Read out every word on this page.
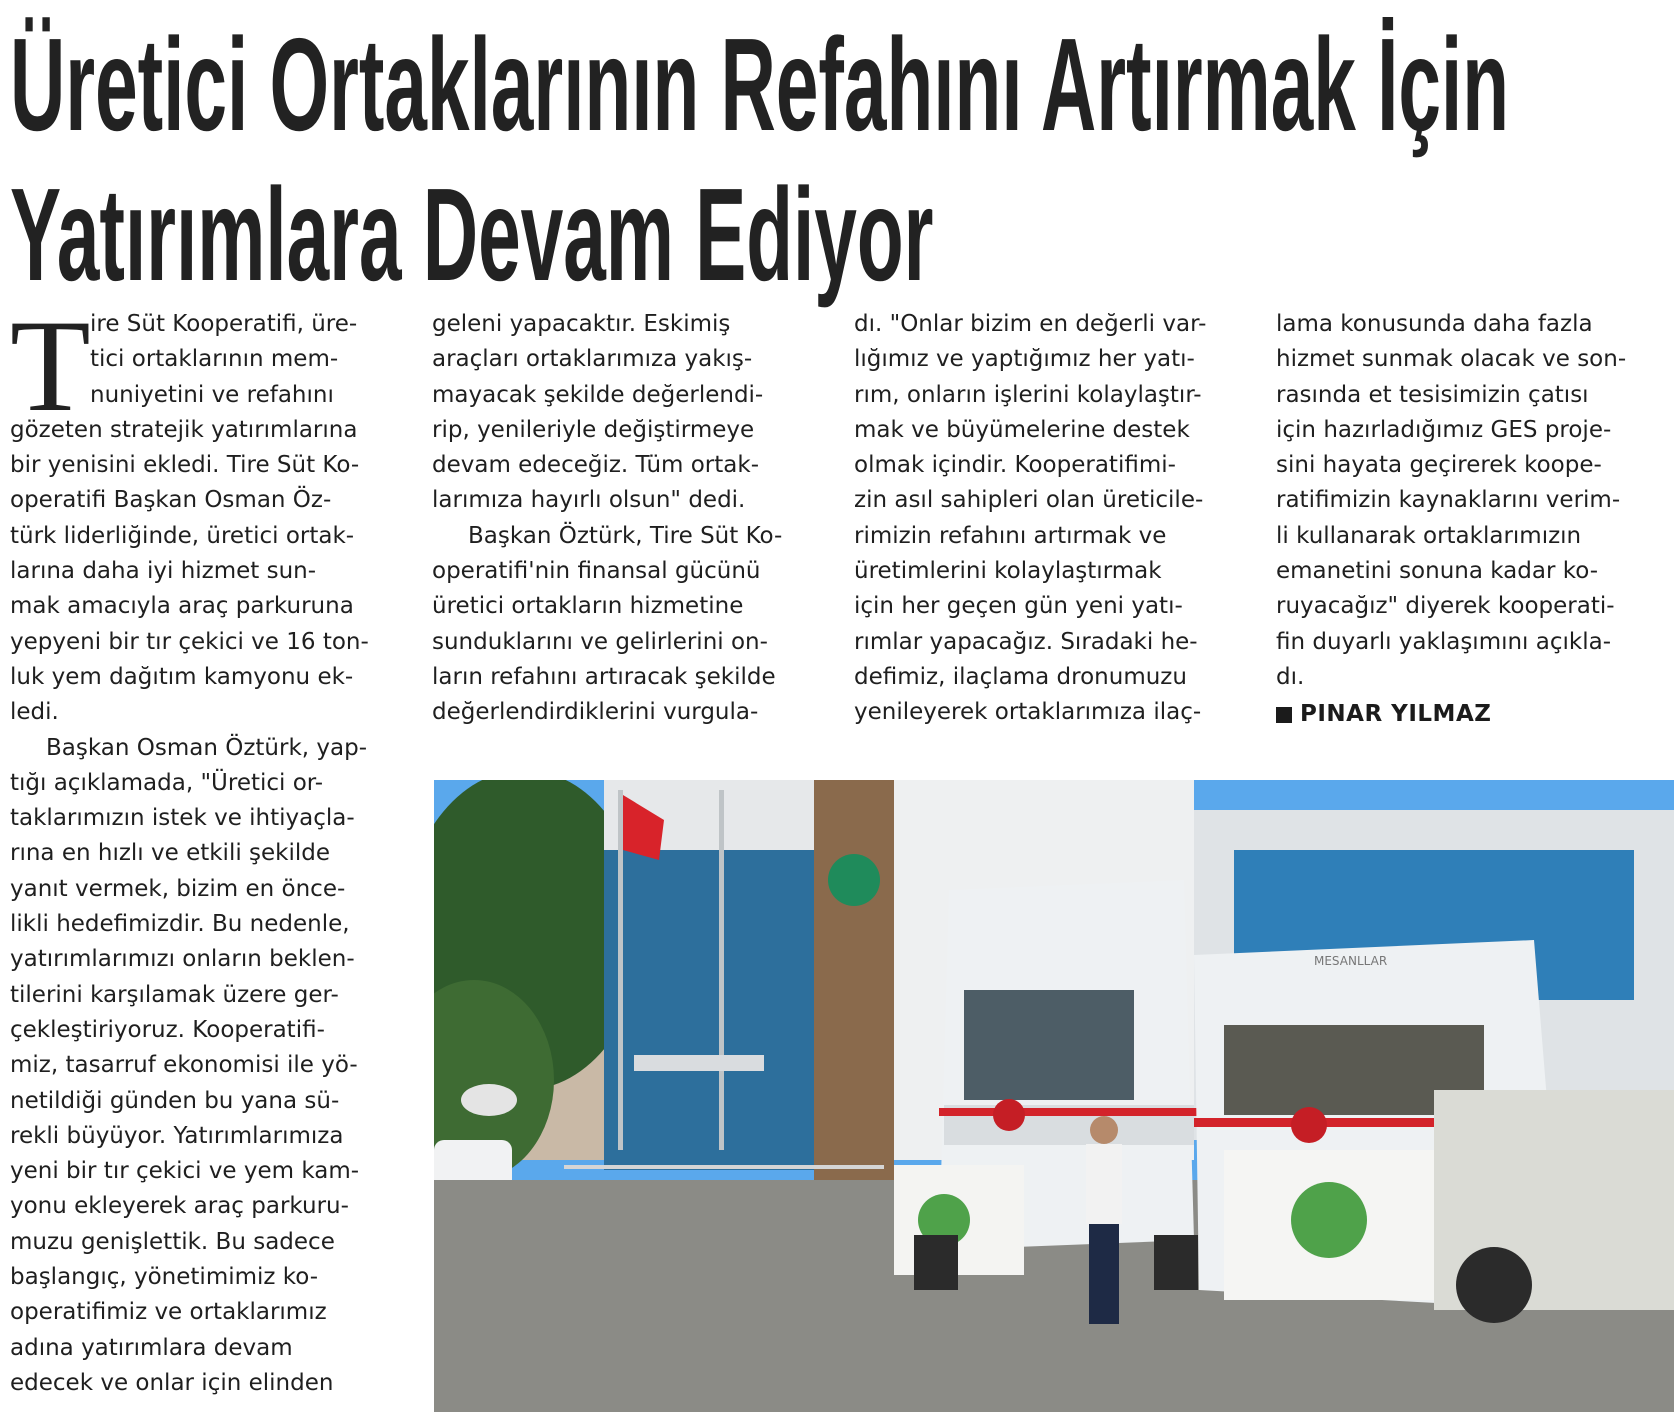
Üretici Ortaklarının Refahını Artırmak İçin
Yatırımlara Devam Ediyor
T ire Süt Kooperatifi, üre-
tici ortaklarının mem-
nuniyetini ve refahını
gözeten stratejik yatırımlarına
bir yenisini ekledi. Tire Süt Ko-
operatifi Başkan Osman Öz-
türk liderliğinde, üretici ortak-
larına daha iyi hizmet sun-
mak amacıyla araç parkuruna
yepyeni bir tır çekici ve 16 ton-
luk yem dağıtım kamyonu ek-
ledi.
Başkan Osman Öztürk, yap-
tığı açıklamada, "Üretici or-
taklarımızın istek ve ihtiyaçla-
rına en hızlı ve etkili şekilde
yanıt vermek, bizim en önce-
likli hedefimizdir. Bu nedenle,
yatırımlarımızı onların beklen-
tilerini karşılamak üzere ger-
çekleştiriyoruz. Kooperatifi-
miz, tasarruf ekonomisi ile yö-
netildiği günden bu yana sü-
rekli büyüyor. Yatırımlarımıza
yeni bir tır çekici ve yem kam-
yonu ekleyerek araç parkuru-
muzu genişlettik. Bu sadece
başlangıç, yönetimimiz ko-
operatifimiz ve ortaklarımız
adına yatırımlara devam
edecek ve onlar için elinden
geleni yapacaktır. Eskimiş
araçları ortaklarımıza yakış-
mayacak şekilde değerlendi-
rip, yenileriyle değiştirmeye
devam edeceğiz. Tüm ortak-
larımıza hayırlı olsun" dedi.
Başkan Öztürk, Tire Süt Ko-
operatifi'nin finansal gücünü
üretici ortakların hizmetine
sunduklarını ve gelirlerini on-
ların refahını artıracak şekilde
değerlendirdiklerini vurgula-
dı. "Onlar bizim en değerli var-
lığımız ve yaptığımız her yatı-
rım, onların işlerini kolaylaştır-
mak ve büyümelerine destek
olmak içindir. Kooperatifimi-
zin asıl sahipleri olan üreticile-
rimizin refahını artırmak ve
üretimlerini kolaylaştırmak
için her geçen gün yeni yatı-
rımlar yapacağız. Sıradaki he-
defimiz, ilaçlama dronumuzu
yenileyerek ortaklarımıza ilaç-
lama konusunda daha fazla
hizmet sunmak olacak ve son-
rasında et tesisimizin çatısı
için hazırladığımız GES proje-
sini hayata geçirerek koope-
ratifimizin kaynaklarını verim-
li kullanarak ortaklarımızın
emanetini sonuna kadar ko-
ruyacağız" diyerek kooperati-
fin duyarlı yaklaşımını açıkla-
dı.
PINAR YILMAZ
MESANLLAR
